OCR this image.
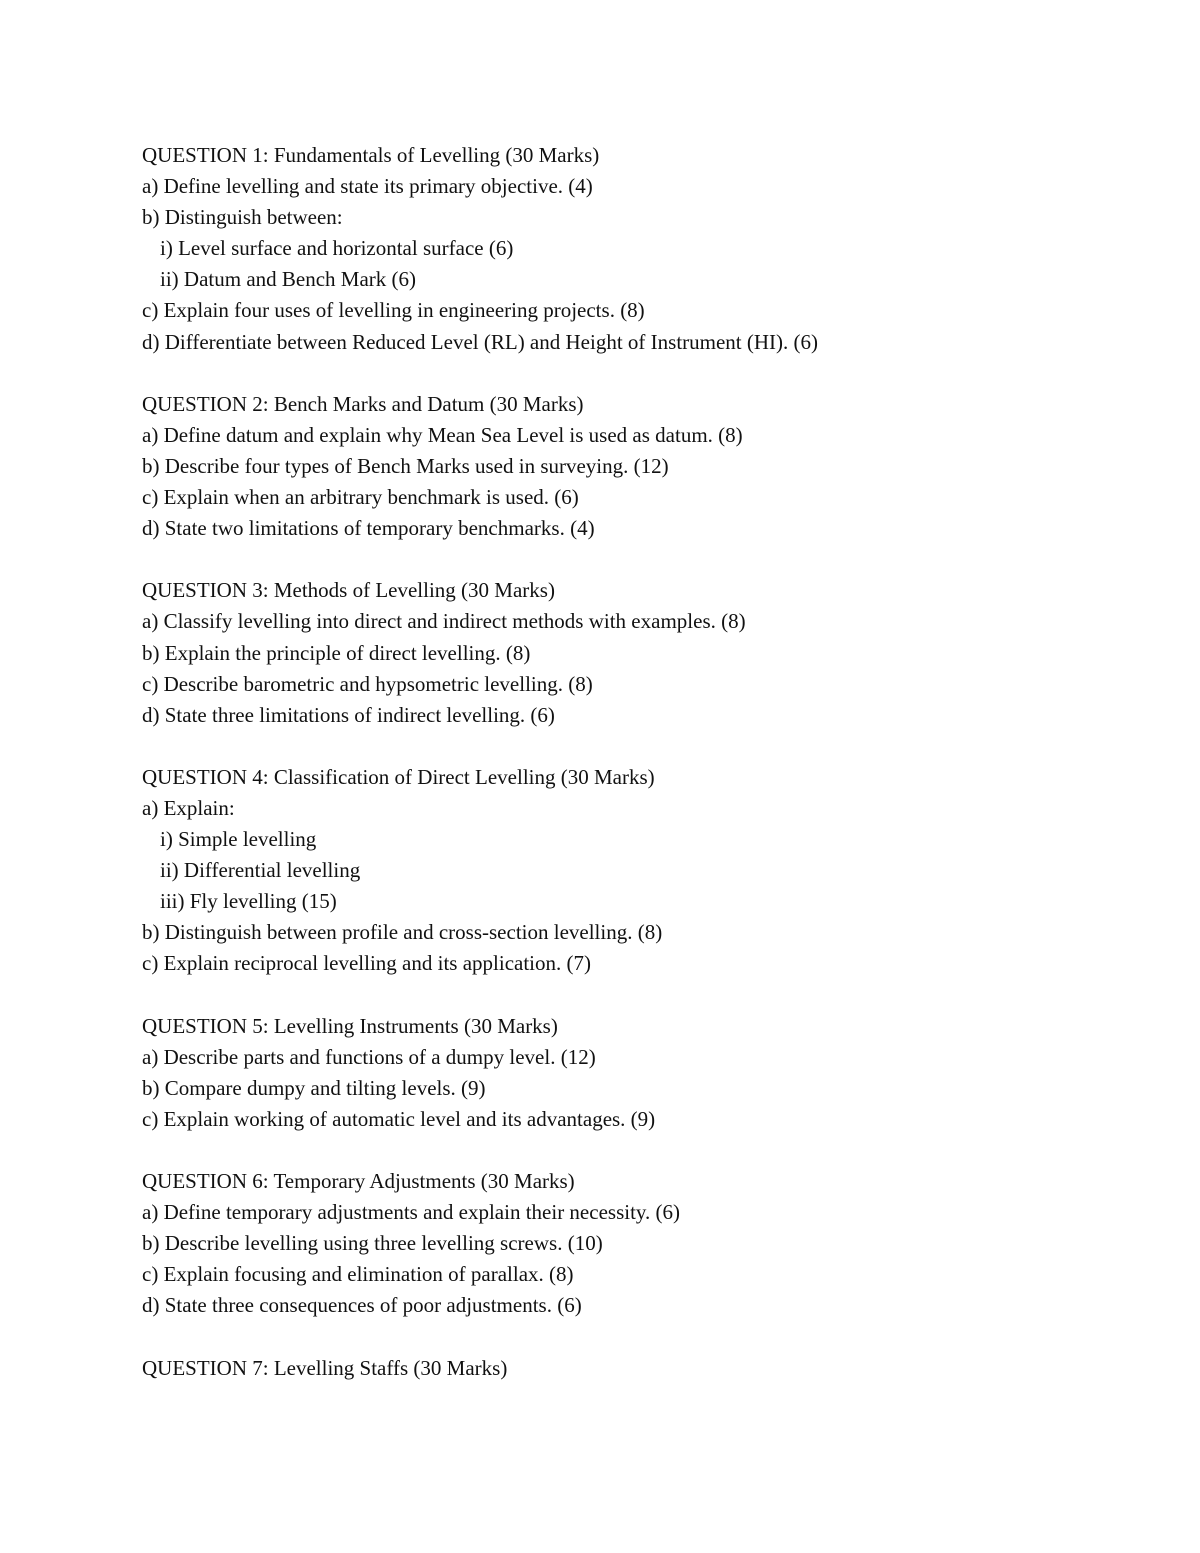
QUESTION 1: Fundamentals of Levelling (30 Marks)
a) Define levelling and state its primary objective. (4)
b) Distinguish between:
i) Level surface and horizontal surface (6)
ii) Datum and Bench Mark (6)
c) Explain four uses of levelling in engineering projects. (8)
d) Differentiate between Reduced Level (RL) and Height of Instrument (HI). (6)
QUESTION 2: Bench Marks and Datum (30 Marks)
a) Define datum and explain why Mean Sea Level is used as datum. (8)
b) Describe four types of Bench Marks used in surveying. (12)
c) Explain when an arbitrary benchmark is used. (6)
d) State two limitations of temporary benchmarks. (4)
QUESTION 3: Methods of Levelling (30 Marks)
a) Classify levelling into direct and indirect methods with examples. (8)
b) Explain the principle of direct levelling. (8)
c) Describe barometric and hypsometric levelling. (8)
d) State three limitations of indirect levelling. (6)
QUESTION 4: Classification of Direct Levelling (30 Marks)
a) Explain:
i) Simple levelling
ii) Differential levelling
iii) Fly levelling (15)
b) Distinguish between profile and cross-section levelling. (8)
c) Explain reciprocal levelling and its application. (7)
QUESTION 5: Levelling Instruments (30 Marks)
a) Describe parts and functions of a dumpy level. (12)
b) Compare dumpy and tilting levels. (9)
c) Explain working of automatic level and its advantages. (9)
QUESTION 6: Temporary Adjustments (30 Marks)
a) Define temporary adjustments and explain their necessity. (6)
b) Describe levelling using three levelling screws. (10)
c) Explain focusing and elimination of parallax. (8)
d) State three consequences of poor adjustments. (6)
QUESTION 7: Levelling Staffs (30 Marks)
